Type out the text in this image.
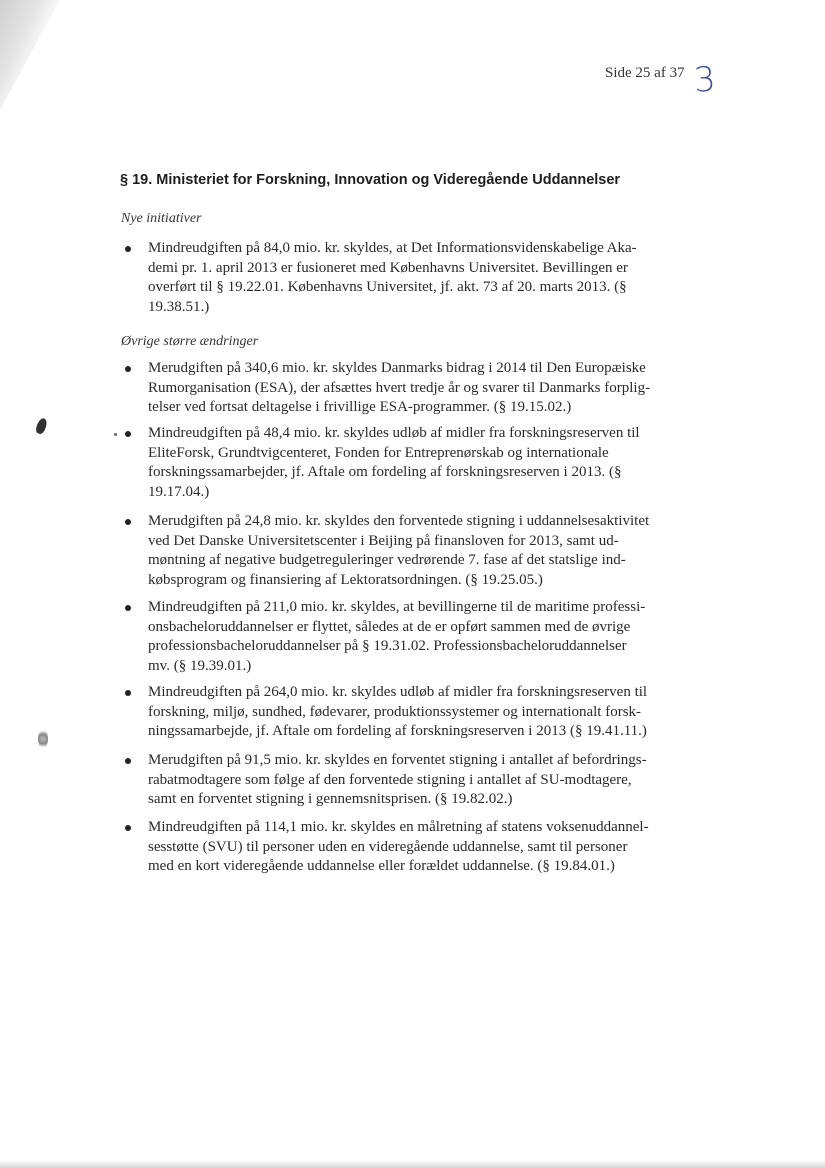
Side 25 af 37 3
§ 19. Ministeriet for Forskning, Innovation og Videregående Uddannelser
Nye initiativer
Mindreudgiften på 84,0 mio. kr. skyldes, at Det Informationsvidenskabelige Aka-
demi pr. 1. april 2013 er fusioneret med Københavns Universitet. Bevillingen er
overført til § 19.22.01. Københavns Universitet, jf. akt. 73 af 20. marts 2013. (§
19.38.51.)
Øvrige større ændringer
Merudgiften på 340,6 mio. kr. skyldes Danmarks bidrag i 2014 til Den Europæiske
Rumorganisation (ESA), der afsættes hvert tredje år og svarer til Danmarks forplig-
telser ved fortsat deltagelse i frivillige ESA-programmer. (§ 19.15.02.)
Mindreudgiften på 48,4 mio. kr. skyldes udløb af midler fra forskningsreserven til
EliteForsk, Grundtvigcenteret, Fonden for Entreprenørskab og internationale
forskningssamarbejder, jf. Aftale om fordeling af forskningsreserven i 2013. (§
19.17.04.)
Merudgiften på 24,8 mio. kr. skyldes den forventede stigning i uddannelsesaktivitet
ved Det Danske Universitetscenter i Beijing på finansloven for 2013, samt ud-
møntning af negative budgetreguleringer vedrørende 7. fase af det statslige ind-
købsprogram og finansiering af Lektoratsordningen. (§ 19.25.05.)
Mindreudgiften på 211,0 mio. kr. skyldes, at bevillingerne til de maritime professi-
onsbacheloruddannelser er flyttet, således at de er opført sammen med de øvrige
professionsbacheloruddannelser på § 19.31.02. Professionsbacheloruddannelser
mv. (§ 19.39.01.)
Mindreudgiften på 264,0 mio. kr. skyldes udløb af midler fra forskningsreserven til
forskning, miljø, sundhed, fødevarer, produktionssystemer og internationalt forsk-
ningssamarbejde, jf. Aftale om fordeling af forskningsreserven i 2013 (§ 19.41.11.)
Merudgiften på 91,5 mio. kr. skyldes en forventet stigning i antallet af befordrings-
rabatmodtagere som følge af den forventede stigning i antallet af SU-modtagere,
samt en forventet stigning i gennemsnitsprisen. (§ 19.82.02.)
Mindreudgiften på 114,1 mio. kr. skyldes en målretning af statens voksenuddannel-
sesstøtte (SVU) til personer uden en videregående uddannelse, samt til personer
med en kort videregående uddannelse eller forældet uddannelse. (§ 19.84.01.)
